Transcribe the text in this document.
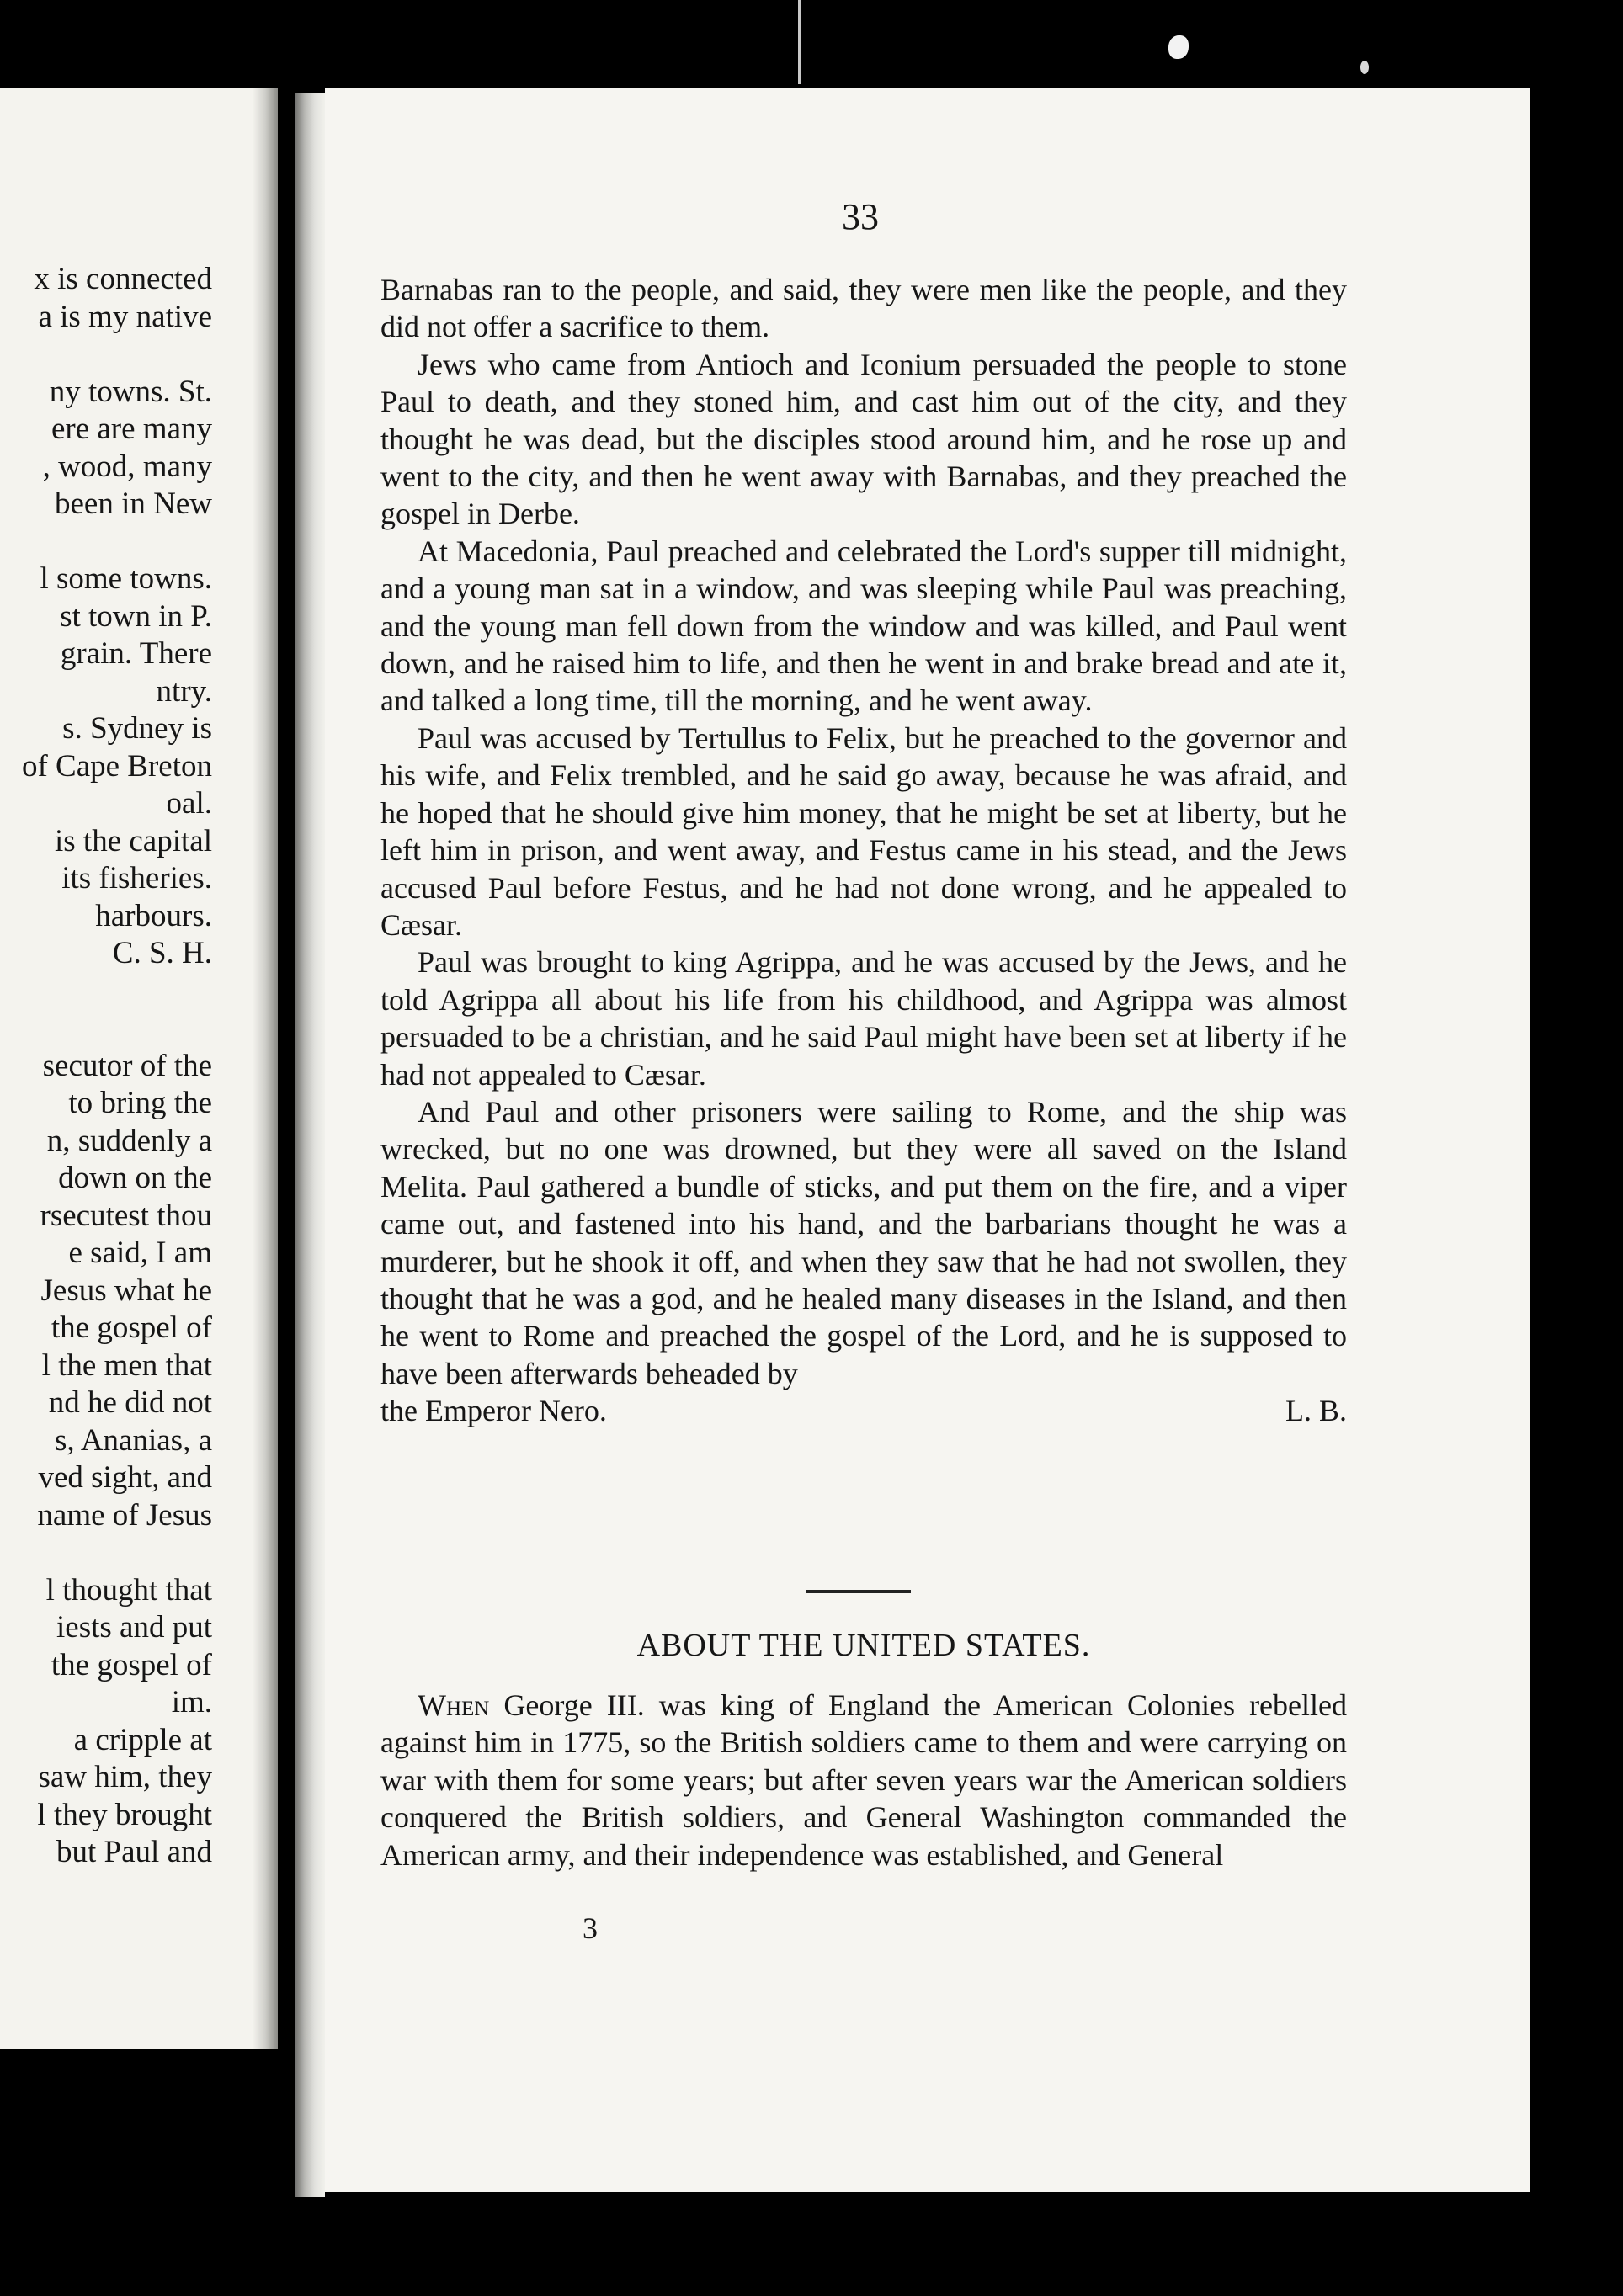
x is connected
a is my native
ny towns. St.
ere are many
, wood, many
been in New
l some towns.
st town in P.
grain. There
ntry.
s. Sydney is
of Cape Breton
oal.
is the capital
its fisheries.
harbours.
C. S. H.
secutor of the
to bring the
n, suddenly a
down on the
rsecutest thou
e said, I am
Jesus what he
the gospel of
l the men that
nd he did not
s, Ananias, a
ved sight, and
name of Jesus
l thought that
iests and put
the gospel of
im.
a cripple at
saw him, they
l they brought
but Paul and
33

Barnabas ran to the people, and said, they were men like the people, and they did not offer a sacrifice to them.

Jews who came from Antioch and Iconium persuaded the people to stone Paul to death, and they stoned him, and cast him out of the city, and they thought he was dead, but the disciples stood around him, and he rose up and went to the city, and then he went away with Barnabas, and they preached the gospel in Derbe.

At Macedonia, Paul preached and celebrated the Lord's supper till midnight, and a young man sat in a window, and was sleeping while Paul was preaching, and the young man fell down from the window and was killed, and Paul went down, and he raised him to life, and then he went in and brake bread and ate it, and talked a long time, till the morning, and he went away.

Paul was accused by Tertullus to Felix, but he preached to the governor and his wife, and Felix trembled, and he said go away, because he was afraid, and he hoped that he should give him money, that he might be set at liberty, but he left him in prison, and went away, and Festus came in his stead, and the Jews accused Paul before Festus, and he had not done wrong, and he appealed to Cæsar.

Paul was brought to king Agrippa, and he was accused by the Jews, and he told Agrippa all about his life from his childhood, and Agrippa was almost persuaded to be a christian, and he said Paul might have been set at liberty if he had not appealed to Cæsar.

And Paul and other prisoners were sailing to Rome, and the ship was wrecked, but no one was drowned, but they were all saved on the Island Melita. Paul gathered a bundle of sticks, and put them on the fire, and a viper came out, and fastened into his hand, and the barbarians thought he was a murderer, but he shook it off, and when they saw that he had not swollen, they thought that he was a god, and he healed many diseases in the Island, and then he went to Rome and preached the gospel of the Lord, and he is supposed to have been afterwards beheaded by

the Emperor Nero.	L. B.
ABOUT THE UNITED STATES.

When George III. was king of England the American Colonies rebelled against him in 1775, so the British soldiers came to them and were carrying on war with them for some years; but after seven years war the American soldiers conquered the British soldiers, and General Washington commanded the American army, and their independence was established, and General

3
